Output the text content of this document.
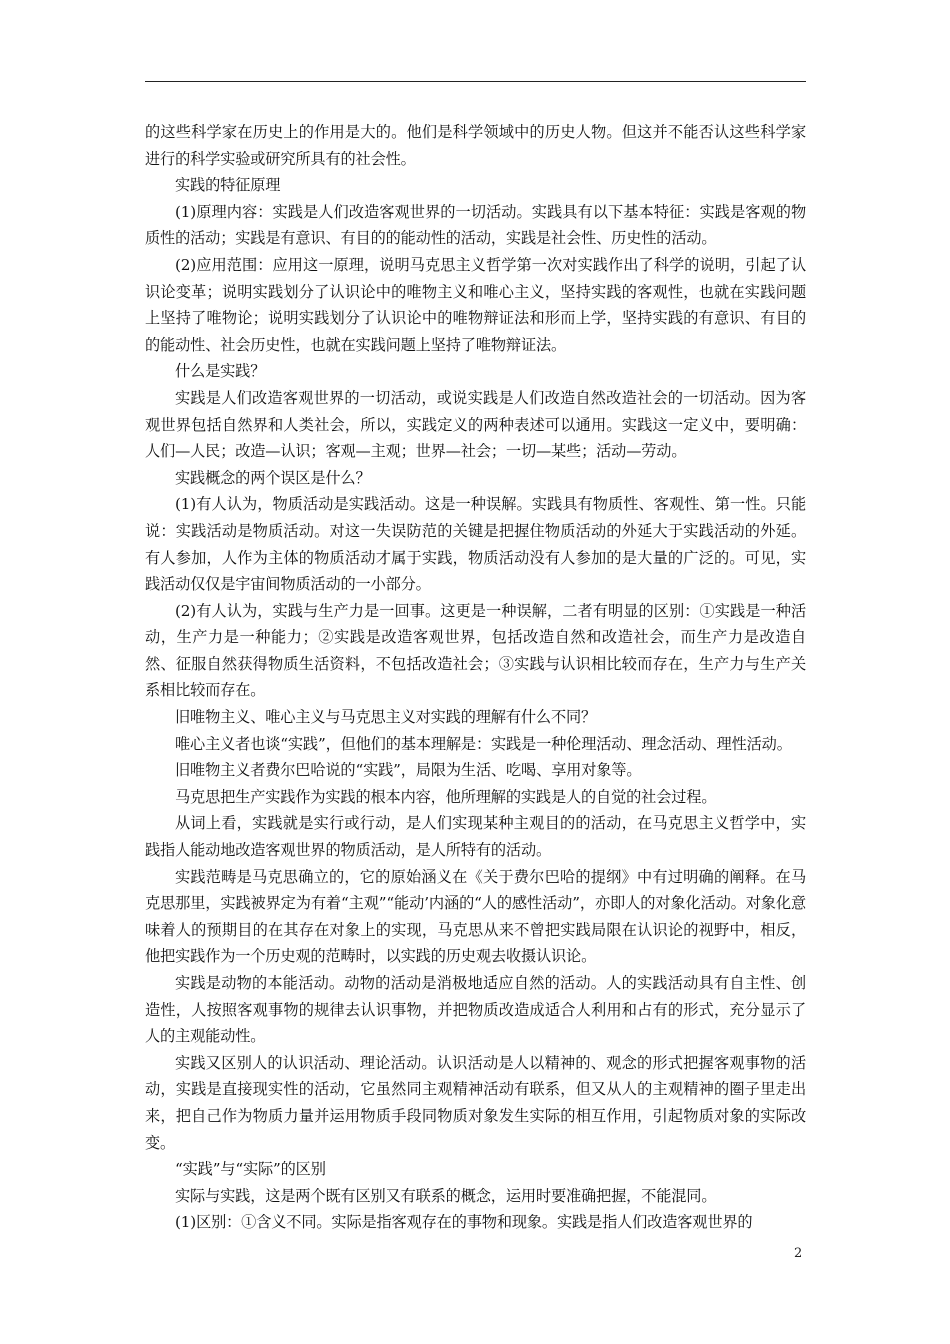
的这些科学家在历史上的作用是大的。他们是科学领域中的历史人物。但这并不能否认这些科学家进行的科学实验或研究所具有的社会性。

实践的特征原理

(1)原理内容：实践是人们改造客观世界的一切活动。实践具有以下基本特征：实践是客观的物质性的活动；实践是有意识、有目的的能动性的活动，实践是社会性、历史性的活动。

(2)应用范围：应用这一原理，说明马克思主义哲学第一次对实践作出了科学的说明，引起了认识论变革；说明实践划分了认识论中的唯物主义和唯心主义，坚持实践的客观性，也就在实践问题上坚持了唯物论；说明实践划分了认识论中的唯物辩证法和形而上学，坚持实践的有意识、有目的的能动性、社会历史性，也就在实践问题上坚持了唯物辩证法。

什么是实践？

实践是人们改造客观世界的一切活动，或说实践是人们改造自然改造社会的一切活动。因为客观世界包括自然界和人类社会，所以，实践定义的两种表述可以通用。实践这一定义中，要明确：人们—人民；改造—认识；客观—主观；世界—社会；一切—某些；活动—劳动。

实践概念的两个误区是什么？

(1)有人认为，物质活动是实践活动。这是一种误解。实践具有物质性、客观性、第一性。只能说：实践活动是物质活动。对这一失误防范的关键是把握住物质活动的外延大于实践活动的外延。有人参加，人作为主体的物质活动才属于实践，物质活动没有人参加的是大量的广泛的。可见，实践活动仅仅是宇宙间物质活动的一小部分。

(2)有人认为，实践与生产力是一回事。这更是一种误解，二者有明显的区别：①实践是一种活动，生产力是一种能力；②实践是改造客观世界，包括改造自然和改造社会，而生产力是改造自然、征服自然获得物质生活资料，不包括改造社会；③实践与认识相比较而存在，生产力与生产关系相比较而存在。

旧唯物主义、唯心主义与马克思主义对实践的理解有什么不同？

唯心主义者也谈“实践”，但他们的基本理解是：实践是一种伦理活动、理念活动、理性活动。

旧唯物主义者费尔巴哈说的“实践”，局限为生活、吃喝、享用对象等。

马克思把生产实践作为实践的根本内容，他所理解的实践是人的自觉的社会过程。

从词上看，实践就是实行或行动，是人们实现某种主观目的的活动，在马克思主义哲学中，实践指人能动地改造客观世界的物质活动，是人所特有的活动。

实践范畴是马克思确立的，它的原始涵义在《关于费尔巴哈的提纲》中有过明确的阐释。在马克思那里，实践被界定为有着“主观”“能动’内涵的“人的感性活动”，亦即人的对象化活动。对象化意味着人的预期目的在其存在对象上的实现，马克思从来不曾把实践局限在认识论的视野中，相反，他把实践作为一个历史观的范畴时，以实践的历史观去收摄认识论。

实践是动物的本能活动。动物的活动是消极地适应自然的活动。人的实践活动具有自主性、创造性，人按照客观事物的规律去认识事物，并把物质改造成适合人利用和占有的形式，充分显示了人的主观能动性。

实践又区别人的认识活动、理论活动。认识活动是人以精神的、观念的形式把握客观事物的活动，实践是直接现实性的活动，它虽然同主观精神活动有联系，但又从人的主观精神的圈子里走出来，把自己作为物质力量并运用物质手段同物质对象发生实际的相互作用，引起物质对象的实际改变。

“实践”与“实际”的区别

实际与实践，这是两个既有区别又有联系的概念，运用时要准确把握，不能混同。

(1)区别：①含义不同。实际是指客观存在的事物和现象。实践是指人们改造客观世界的

2
